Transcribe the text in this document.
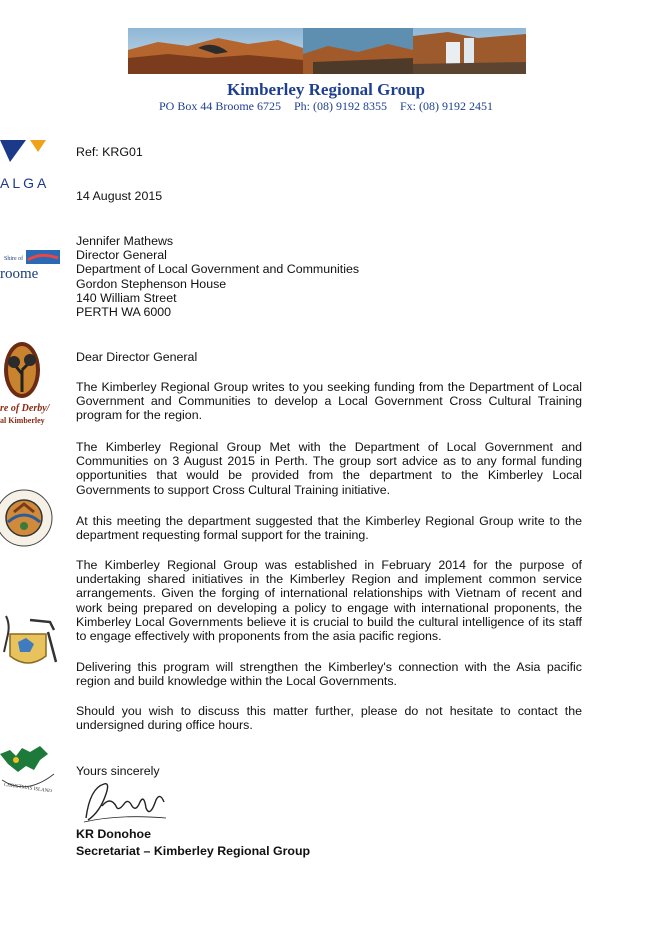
Kimberley Regional Group
PO Box 44 Broome 6725 Ph: (08) 9192 8355 Fx: (08) 9192 2451
ALGA
Shire of
roome
re of Derby/
al Kimberley
CHRISTMAS ISLAND
Ref: KRG01
14 August 2015
Jennifer Mathews
Director General
Department of Local Government and Communities
Gordon Stephenson House
140 William Street
PERTH WA 6000
Dear Director General
The Kimberley Regional Group writes to you seeking funding from the Department of Local Government and Communities to develop a Local Government Cross Cultural Training program for the region.
The Kimberley Regional Group Met with the Department of Local Government and Communities on 3 August 2015 in Perth. The group sort advice as to any formal funding opportunities that would be provided from the department to the Kimberley Local Governments to support Cross Cultural Training initiative.
At this meeting the department suggested that the Kimberley Regional Group write to the department requesting formal support for the training.
The Kimberley Regional Group was established in February 2014 for the purpose of undertaking shared initiatives in the Kimberley Region and implement common service arrangements. Given the forging of international relationships with Vietnam of recent and work being prepared on developing a policy to engage with international proponents, the Kimberley Local Governments believe it is crucial to build the cultural intelligence of its staff to engage effectively with proponents from the asia pacific regions.
Delivering this program will strengthen the Kimberley's connection with the Asia pacific region and build knowledge within the Local Governments.
Should you wish to discuss this matter further, please do not hesitate to contact the undersigned during office hours.
Yours sincerely
KR Donohoe
Secretariat – Kimberley Regional Group
